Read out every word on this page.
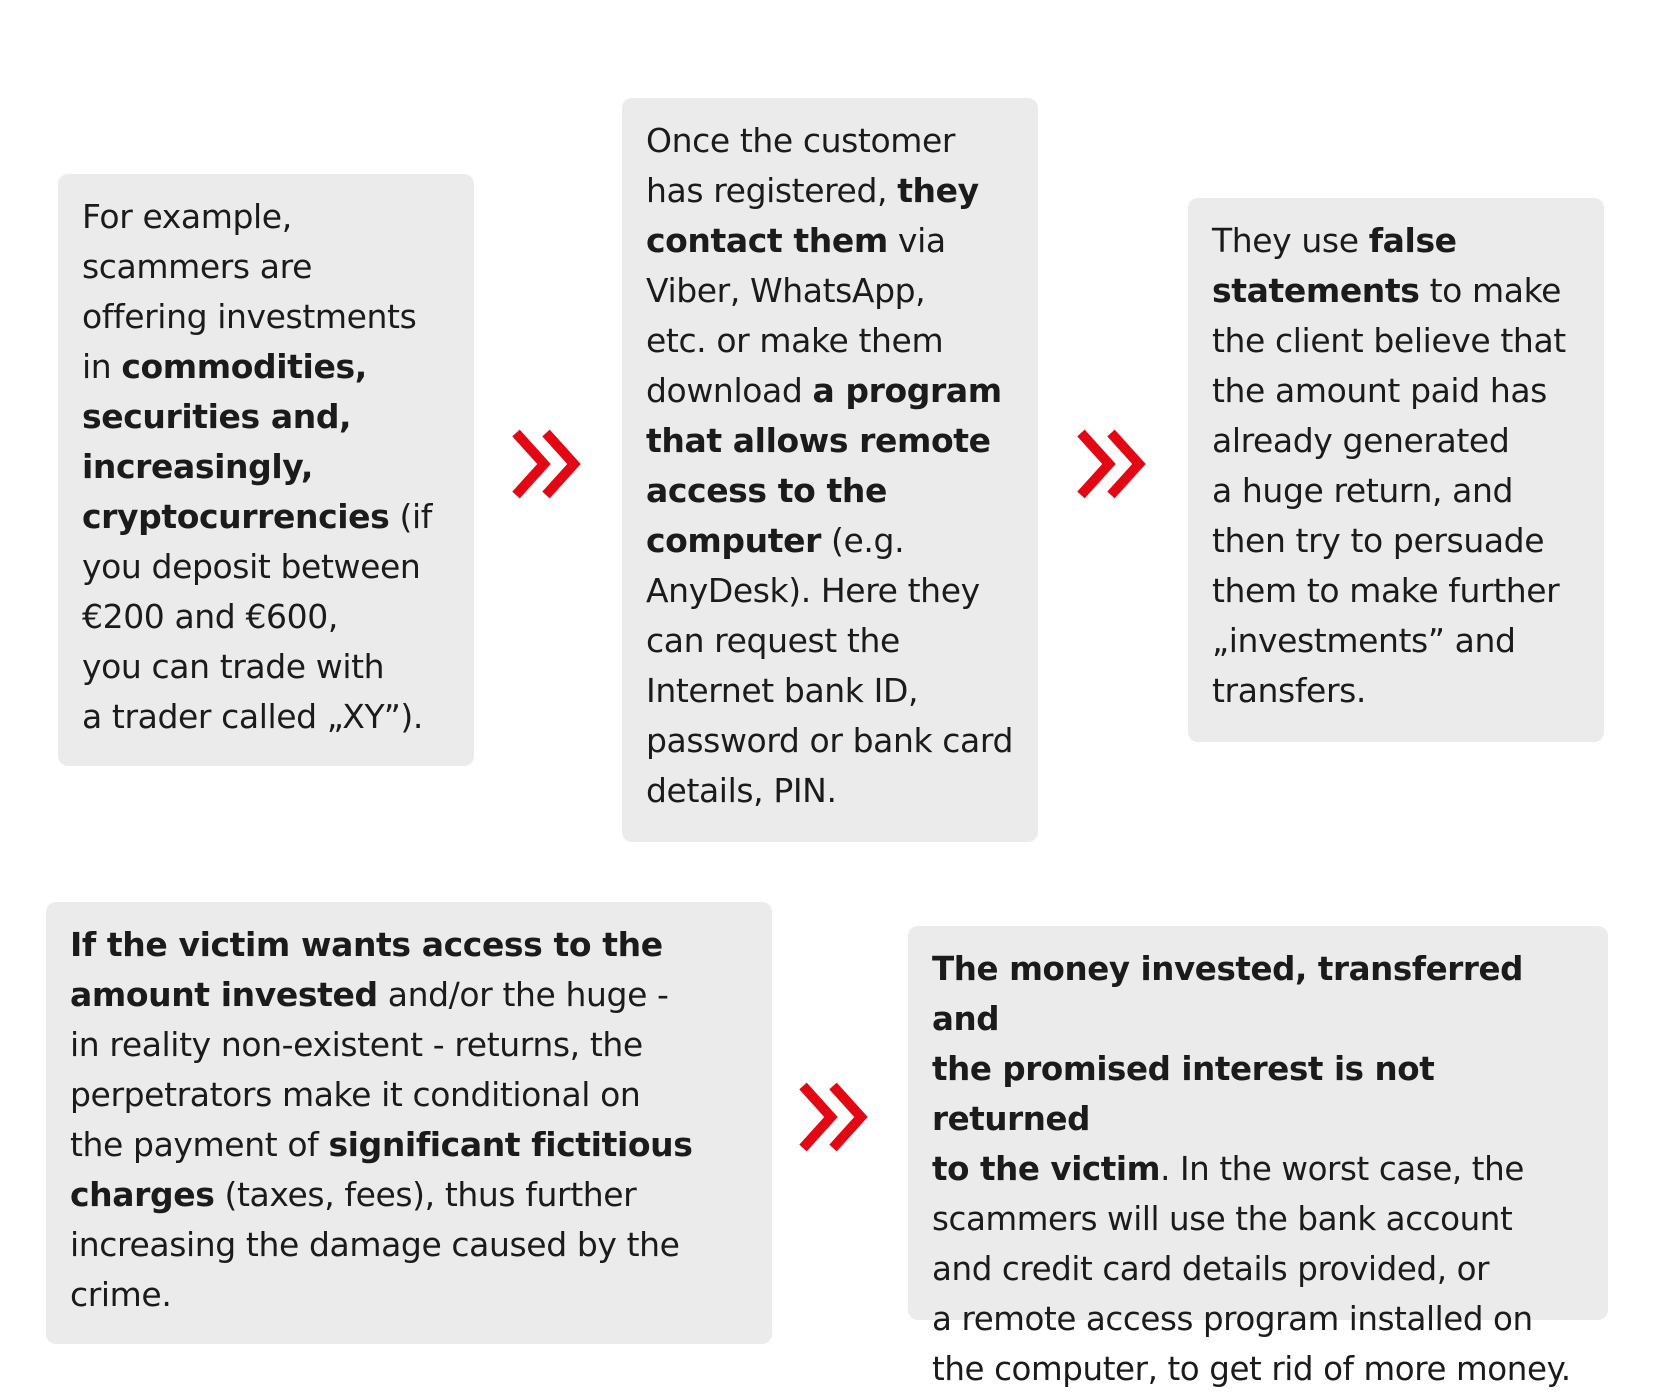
For example,
scammers are
offering investments
in commodities,
securities and,
increasingly,
cryptocurrencies (if
you deposit between
€200 and €600,
you can trade with
a trader called „XY”).

Once the customer
has registered, they
contact them via
Viber, WhatsApp,
etc. or make them
download a program
that allows remote
access to the
computer (e.g.
AnyDesk). Here they
can request the
Internet bank ID,
password or bank card
details, PIN.

They use false
statements to make
the client believe that
the amount paid has
already generated
a huge return, and
then try to persuade
them to make further
„investments” and
transfers.

If the victim wants access to the
amount invested and/or the huge -
in reality non-existent - returns, the
perpetrators make it conditional on
the payment of significant fictitious
charges (taxes, fees), thus further
increasing the damage caused by the
crime.

The money invested, transferred and
the promised interest is not returned
to the victim. In the worst case, the
scammers will use the bank account
and credit card details provided, or
a remote access program installed on
the computer, to get rid of more money.
